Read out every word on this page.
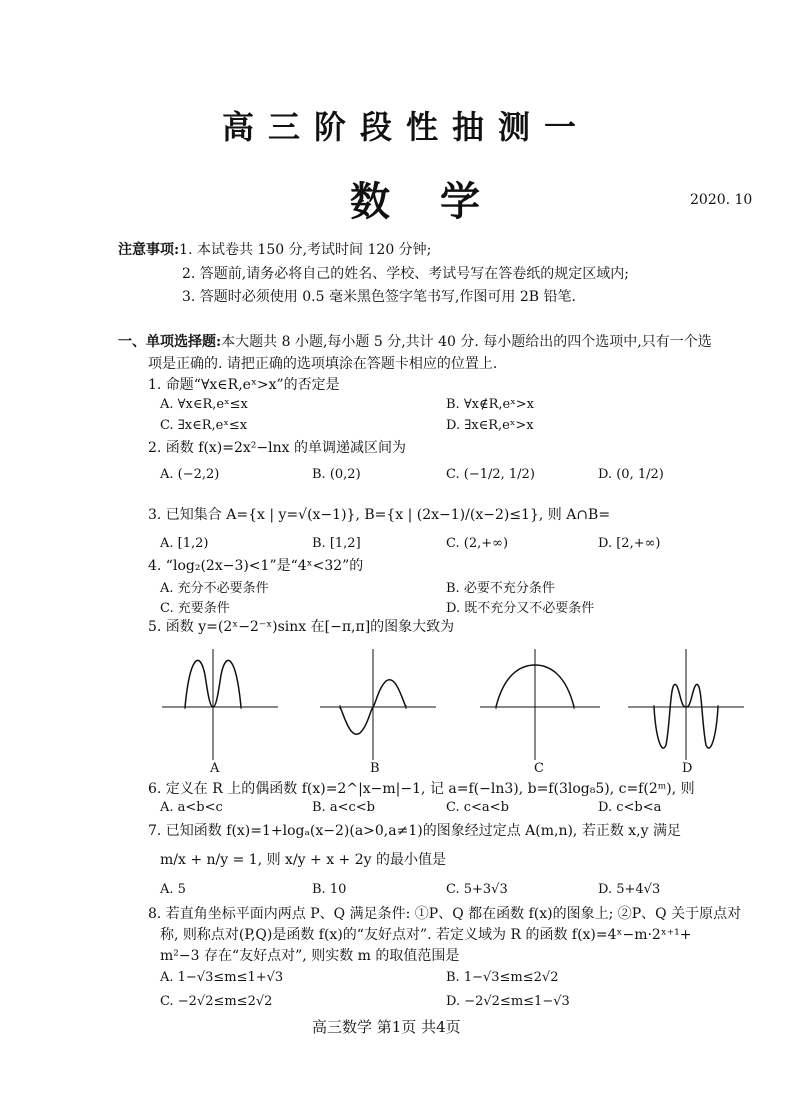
高三阶段性抽测一
数学	2020. 10
注意事项:1. 本试卷共 150 分,考试时间 120 分钟;
2. 答题前,请务必将自己的姓名、学校、考试号写在答卷纸的规定区域内;
3. 答题时必须使用 0.5 毫米黑色签字笔书写,作图可用 2B 铅笔.
一、单项选择题:本大题共 8 小题,每小题 5 分,共计 40 分. 每小题给出的四个选项中,只有一个选
项是正确的. 请把正确的选项填涂在答题卡相应的位置上.
1. 命题“∀x∈R,eˣ>x”的否定是
A. ∀x∈R,eˣ≤x	B. ∀x∉R,eˣ>x
C. ∃x∈R,eˣ≤x	D. ∃x∈R,eˣ>x
2. 函数 f(x)=2x²−lnx 的单调递减区间为
A. (−2,2)	B. (0,2)	C. (−1/2, 1/2)	D. (0, 1/2)
3. 已知集合 A={x | y=√(x−1)}, B={x | (2x−1)/(x−2)≤1}, 则 A∩B=
A. [1,2)	B. [1,2]	C. (2,+∞)	D. [2,+∞)
4. “log₂(2x−3)<1”是“4ˣ<32”的
A. 充分不必要条件	B. 必要不充分条件
C. 充要条件	D. 既不充分又不必要条件
5. 函数 y=(2ˣ−2⁻ˣ)sinx 在[−π,π]的图象大致为
A	B	C	D
6. 定义在 R 上的偶函数 f(x)=2^|x−m|−1, 记 a=f(−ln3), b=f(3log₈5), c=f(2ᵐ), 则
A. a<b<c	B. a<c<b	C. c<a<b	D. c<b<a
7. 已知函数 f(x)=1+logₐ(x−2)(a>0,a≠1)的图象经过定点 A(m,n), 若正数 x,y 满足
m/x + n/y = 1, 则 x/y + x + 2y 的最小值是
A. 5	B. 10	C. 5+3√3	D. 5+4√3
8. 若直角坐标平面内两点 P、Q 满足条件: ①P、Q 都在函数 f(x)的图象上; ②P、Q 关于原点对
称, 则称点对(P,Q)是函数 f(x)的“友好点对”. 若定义域为 R 的函数 f(x)=4ˣ−m·2ˣ⁺¹+
m²−3 存在“友好点对”, 则实数 m 的取值范围是
A. 1−√3≤m≤1+√3	B. 1−√3≤m≤2√2
C. −2√2≤m≤2√2	D. −2√2≤m≤1−√3
高三数学 第1页 共4页
